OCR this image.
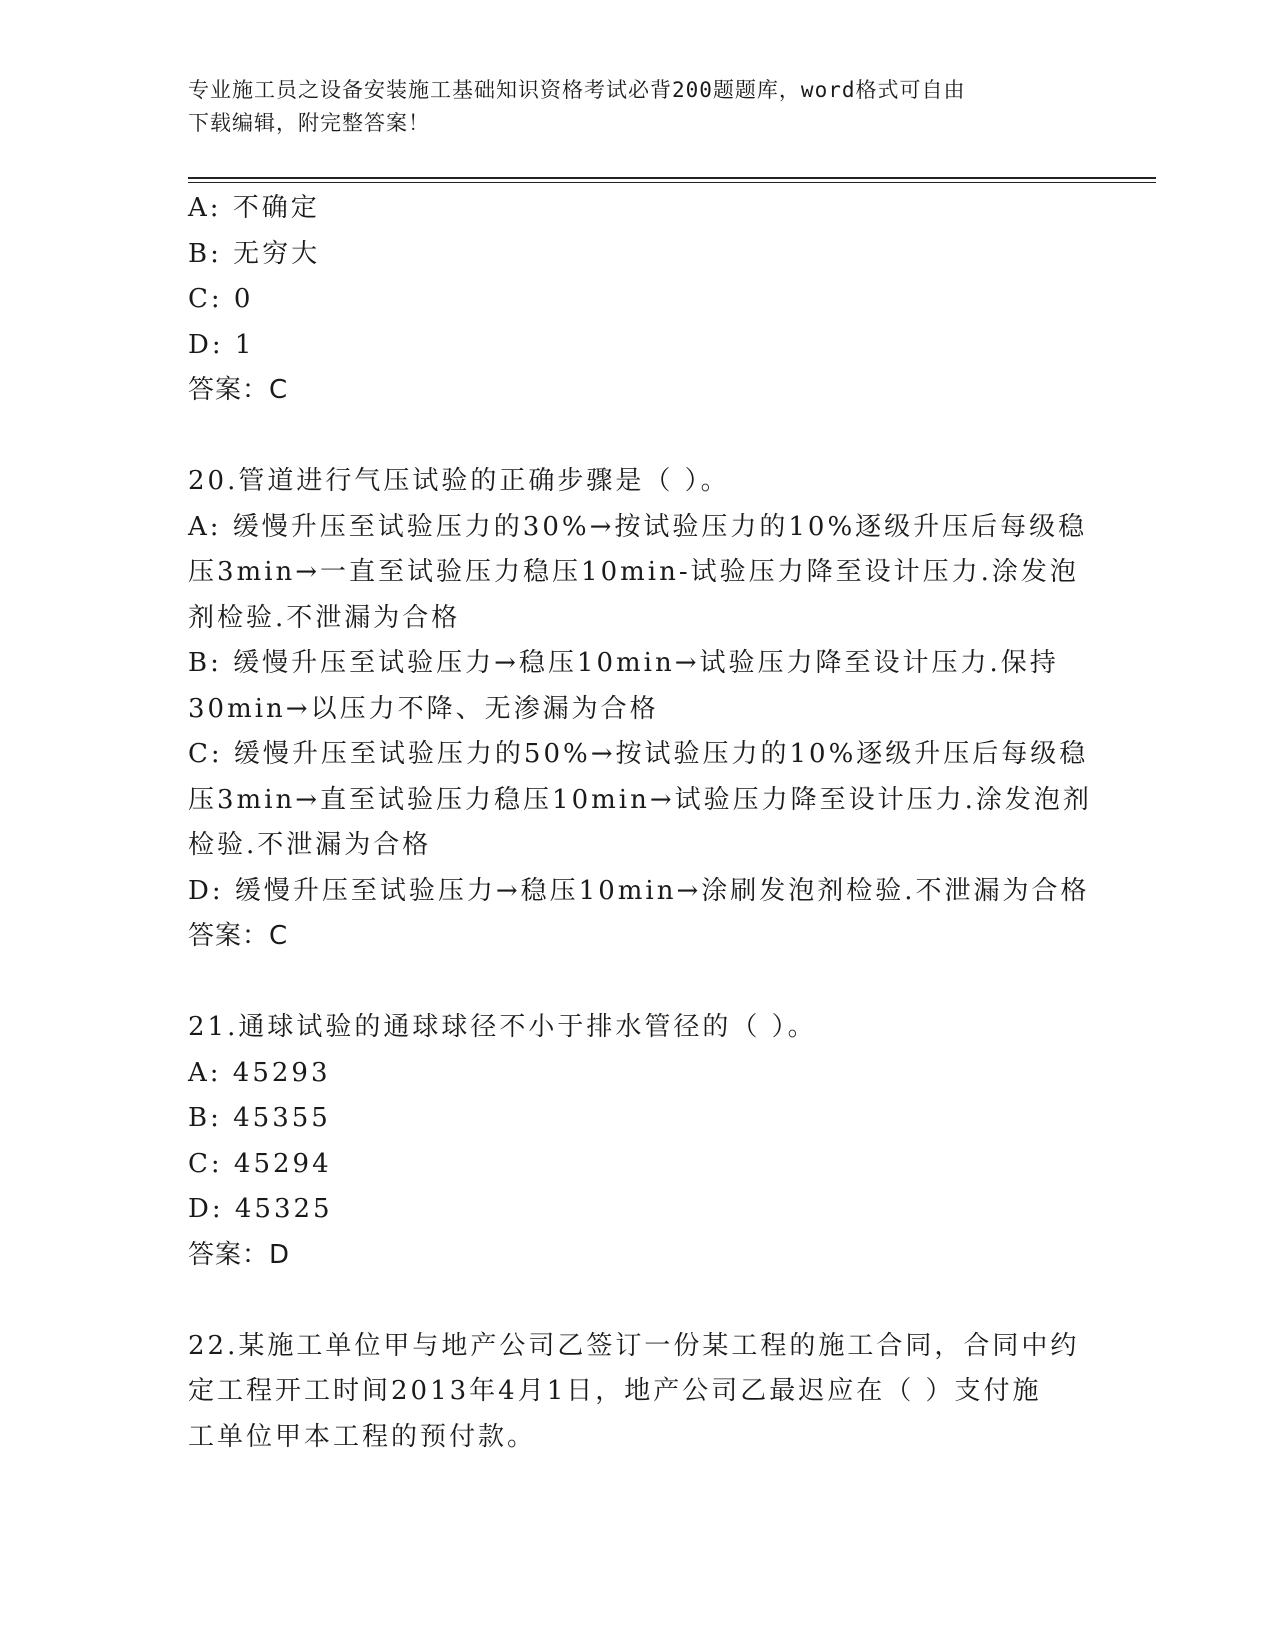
专业施工员之设备安装施工基础知识资格考试必背200题题库，word格式可自由
下载编辑，附完整答案！
A: 不确定
B: 无穷大
C: 0
D: 1
答案：C
20.管道进行气压试验的正确步骤是（ ）。
A: 缓慢升压至试验压力的30%→按试验压力的10%逐级升压后每级稳
压3min→一直至试验压力稳压10min-试验压力降至设计压力.涂发泡
剂检验.不泄漏为合格
B: 缓慢升压至试验压力→稳压10min→试验压力降至设计压力.保持
30min→以压力不降、无渗漏为合格
C: 缓慢升压至试验压力的50%→按试验压力的10%逐级升压后每级稳
压3min→直至试验压力稳压10min→试验压力降至设计压力.涂发泡剂
检验.不泄漏为合格
D: 缓慢升压至试验压力→稳压10min→涂刷发泡剂检验.不泄漏为合格
答案：C
21.通球试验的通球球径不小于排水管径的（ ）。
A: 45293
B: 45355
C: 45294
D: 45325
答案：D
22.某施工单位甲与地产公司乙签订一份某工程的施工合同，合同中约
定工程开工时间2013年4月1日，地产公司乙最迟应在（ ）支付施
工单位甲本工程的预付款。
